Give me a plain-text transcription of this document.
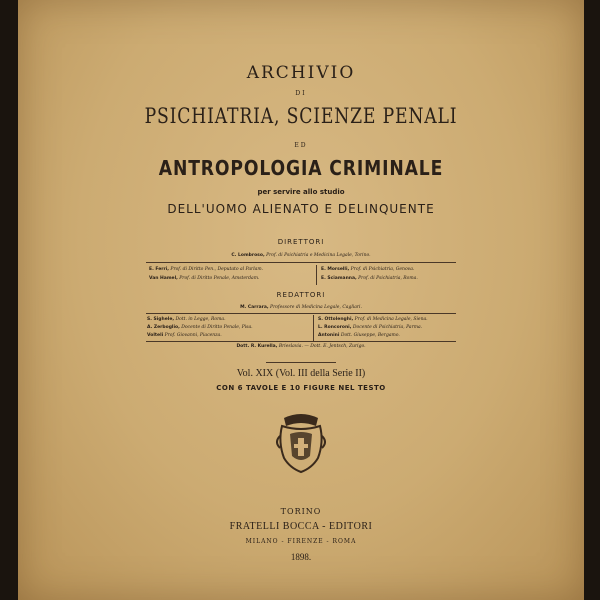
ARCHIVIO
DI
PSICHIATRIA, SCIENZE PENALI
ED
ANTROPOLOGIA CRIMINALE
per servire allo studio
DELL'UOMO ALIENATO E DELINQUENTE
DIRETTORI
C. Lombroso, Prof. di Psichiatria e Medicina Legale, Torino.
E. Ferri, Prof. di Diritto Pen., Deputato al Parlam.
Van Hamel, Prof. di Diritto Penale, Amsterdam.
E. Morselli, Prof. di Psichiatria, Genova.
E. Sciamanna, Prof. di Psichiatria, Roma.
REDATTORI
M. Carrara, Professore di Medicina Legale, Cagliari.
S. Sighele, Dott. in Legge, Roma.
A. Zerboglio, Docente di Diritto Penale, Pisa.
Volteli Prof. Giovanni, Piacenza.
S. Ottolenghi, Prof. di Medicina Legale, Siena.
L. Roncoroni, Docente di Psichiatria, Parma.
Antonini Dott. Giuseppe, Bergamo.
Dott. R. Kurella, Brieslavia. — Dott. E. Jentsch, Zurigo.
Vol. XIX (Vol. III della Serie II)
CON 6 TAVOLE E 10 FIGURE NEL TESTO
TORINO
FRATELLI BOCCA - EDITORI
MILANO - FIRENZE - ROMA
1898.
